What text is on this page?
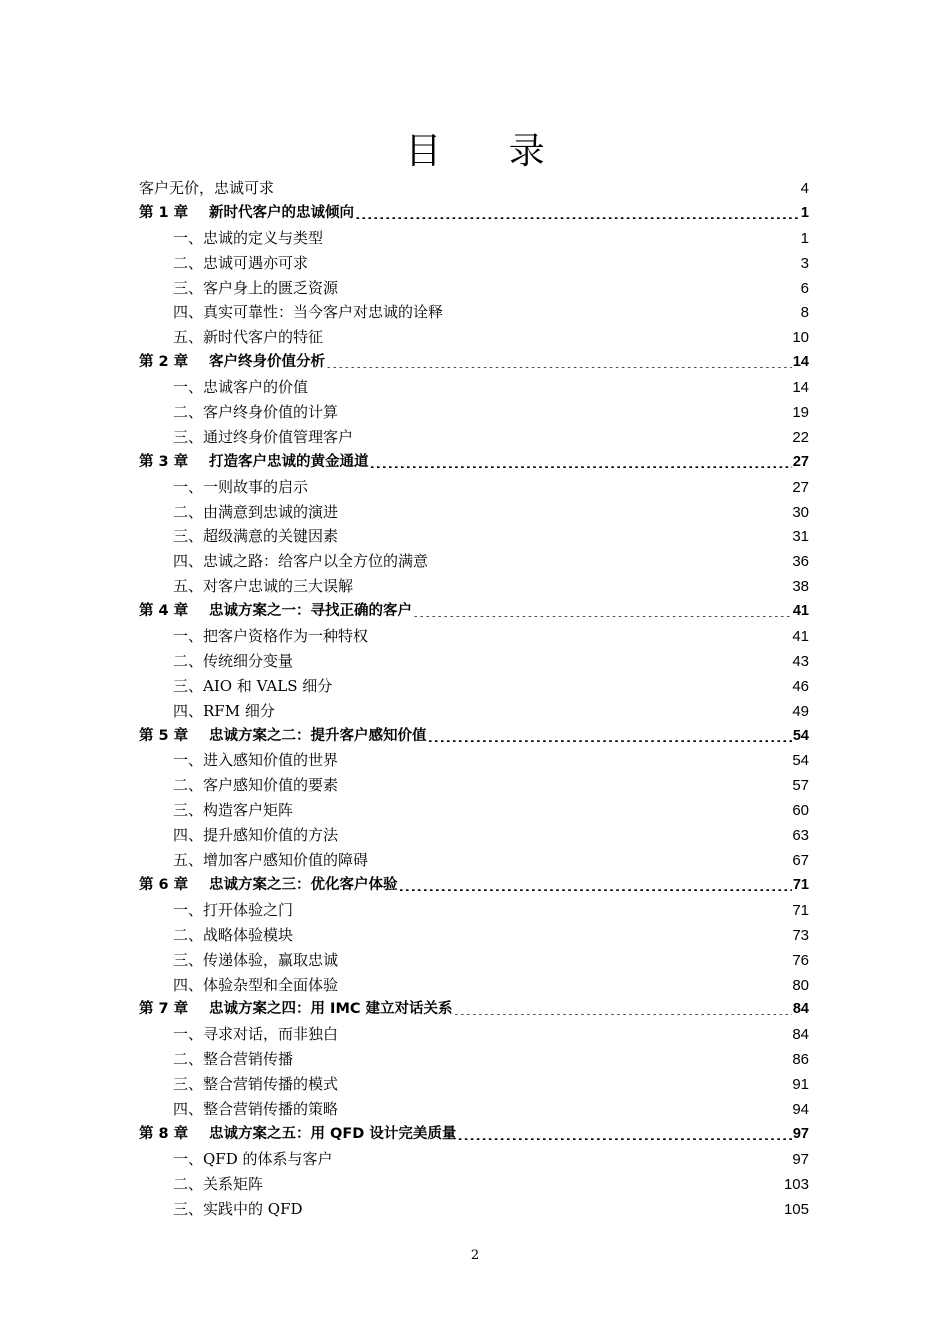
目 录
客户无价，忠诚可求 .....	4
第 1 章	新时代客户的忠诚倾向 .....	1
一、忠诚的定义与类型 .....	1
二、忠诚可遇亦可求 .....	3
三、客户身上的匮乏资源 .....	6
四、真实可靠性：当今客户对忠诚的诠释 .....	8
五、新时代客户的特征 .....	10
第 2 章	客户终身价值分析 .....	14
一、忠诚客户的价值 .....	14
二、客户终身价值的计算 .....	19
三、通过终身价值管理客户 .....	22
第 3 章	打造客户忠诚的黄金通道 .....	27
一、一则故事的启示 .....	27
二、由满意到忠诚的演进 .....	30
三、超级满意的关键因素 .....	31
四、忠诚之路：给客户以全方位的满意 .....	36
五、对客户忠诚的三大误解 .....	38
第 4 章	忠诚方案之一：寻找正确的客户 .....	41
一、把客户资格作为一种特权 .....	41
二、传统细分变量 .....	43
三、AIO 和 VALS 细分 .....	46
四、RFM 细分 .....	49
第 5 章	忠诚方案之二：提升客户感知价值 .....	54
一、进入感知价值的世界 .....	54
二、客户感知价值的要素 .....	57
三、构造客户矩阵 .....	60
四、提升感知价值的方法 .....	63
五、增加客户感知价值的障碍 .....	67
第 6 章	忠诚方案之三：优化客户体验 .....	71
一、打开体验之门 .....	71
二、战略体验模块 .....	73
三、传递体验，赢取忠诚 .....	76
四、体验杂型和全面体验 .....	80
第 7 章	忠诚方案之四：用 IMC 建立对话关系 .....	84
一、寻求对话，而非独白 .....	84
二、整合营销传播 .....	86
三、整合营销传播的模式 .....	91
四、整合营销传播的策略 .....	94
第 8 章	忠诚方案之五：用 QFD 设计完美质量 .....	97
一、QFD 的体系与客户 .....	97
二、关系矩阵 .....	103
三、实践中的 QFD .....	105
2
